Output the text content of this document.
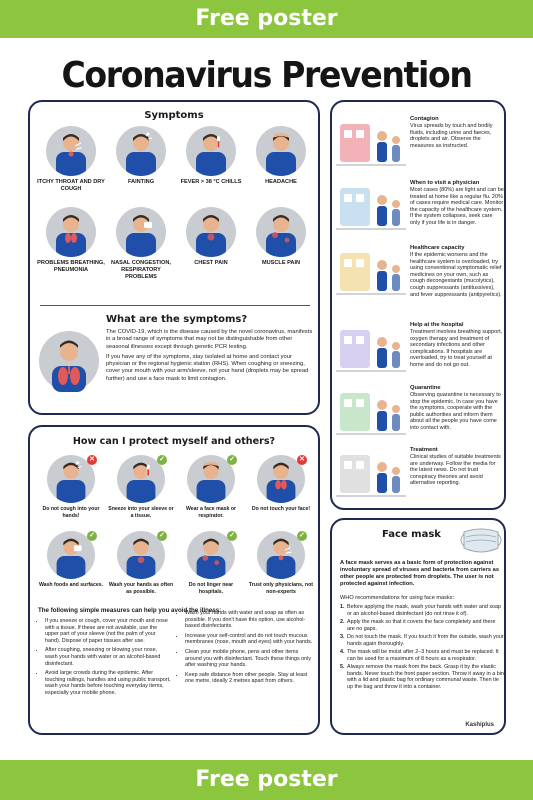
Free poster
Coronavirus Prevention
Symptoms
ITCHY THROAT AND DRY COUGH
FAINTING	FEVER > 38 °C CHILLS	HEADACHE
PROBLEMS BREATHING, PNEUMONIA
NASAL CONGESTION, RESPIRATORY PROBLEMS
CHEST PAIN	MUSCLE PAIN
What are the symptoms?

The COVID-19, which is the disease caused by the novel coronavirus, manifests in a broad range of symptoms that may not be distinguishable from other seasonal illnesses except through genetic PCR testing.

If you have any of the symptoms, stay isolated at home and contact your physician or the regional hygienic station (RHS). When coughing or sneezing, cover your mouth with your arm/sleeve, not your hand (droplets may be spread further) and use a face mask to limit contagion.

How can I protect myself and others?
✕
Do not cough into your hands!
✓
Sneeze into your sleeve or a tissue.
✓
Wear a face mask or respirator.
✕
Do not touch your face!
✓
Wash foods and surfaces.
✓
Wash your hands as often as possible.
✓
Do not linger near hospitals.
✓
Trust only physicians, not non-experts
The following simple measures can help you avoid the illness:
• If you sneeze or cough, cover your mouth and nose with a tissue. If these are not available, use the upper part of your sleeve (not the palm of your hand). Dispose of paper tissues after use.
• After coughing, sneezing or blowing your nose, wash your hands with water or an alcohol-based disinfectant.
• Avoid large crowds during the epidemic. After touching railings, handles and using public transport, wash your hands before touching everyday items, especially your mobile phone.
• Wash your hands with water and soap as often as possible. If you don't have this option, use alcohol-based disinfectants.
• Increase your self-control and do not touch mucous membranes (nose, mouth and eyes) with your hands.
• Clean your mobile phone, pens and other items around you with disinfectant. Touch these things only after washing your hands.
• Keep safe distance from other people. Stay at least one metre, ideally 2 metres apart from others.
Contagion
Virus spreads by touch and bodily fluids, including urine and faeces, droplets and air. Observe the measures as instructed.
When to visit a physician
Most cases (80%) are light and can be treated at home like a regular flu. 20% of cases require medical care. Monitor the capacity of the healthcare system. If the system collapses, seek care only if your life is in danger.
Healthcare capacity
If the epidemic worsens and the healthcare system is overloaded, try using conventional symptomatic relief medicines on your own, such as cough decongestants (mucolytics), cough suppressants (antitussives), and fever suppressants (antipyretics).
Help at the hospital
Treatment involves breathing support, oxygen therapy and treatment of secondary infections and other complications. If hospitals are overloaded, try to treat yourself at home and do not go out.
Quarantine
Observing quarantine is necessary to stop the epidemic. In case you have the symptoms, cooperate with the public authorities and inform them about all the people you have come into contact with.
Treatment
Clinical studies of suitable treatments are underway. Follow the media for the latest news. Do not trust conspiracy theories and avoid alternative reporting.
Face mask
A face mask serves as a basic form of protection against involuntary spread of viruses and bacteria from carriers as other people are protected from droplets. The user is not protected against infection.
WHO recommendations for using face masks:
1. Before applying the mask, wash your hands with water and soap or an alcohol-based disinfectant (do not rinse it of).
2. Apply the mask so that it covers the face completely and there are no gaps.
3. Do not touch the mask. If you touch it from the outside, wash your hands again thoroughly.
4. The mask will be moist after 2–3 hours and must be replaced. It can be used for a maximum of 8 hours as a respirator.
5. Always remove the mask from the back. Grasp it by the elastic bands. Never touch the front paper section. Throw it away in a bin with a lid and plastic bag for ordinary communal waste. Then tie up the bag and throw it into a container.
Kashiplus
Free poster
